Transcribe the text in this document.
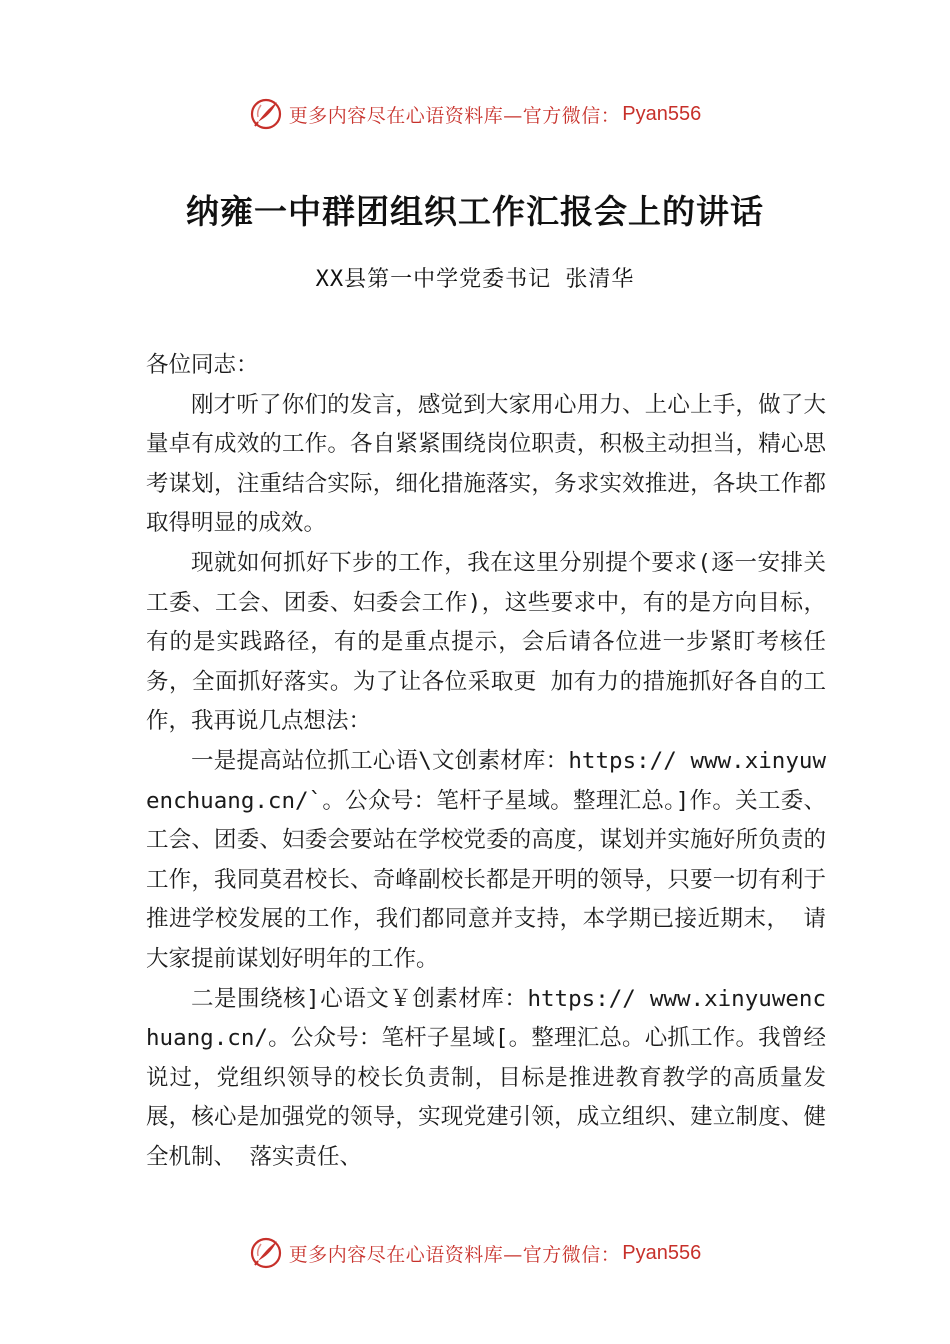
更多内容尽在心语资料库—官方微信： Pyan556
纳雍一中群团组织工作汇报会上的讲话
XX县第一中学党委书记 张清华

各位同志：

刚才听了你们的发言，感觉到大家用心用力、上心上手，做了大量卓有成效的工作。各自紧紧围绕岗位职责，积极主动担当，精心思考谋划，注重结合实际，细化措施落实，务求实效推进，各块工作都取得明显的成效。

现就如何抓好下步的工作，我在这里分别提个要求(逐一安排关工委、工会、团委、妇委会工作)，这些要求中，有的是方向目标，有的是实践路径，有的是重点提示，会后请各位进一步紧盯考核任务，全面抓好落实。为了让各位采取更 加有力的措施抓好各自的工作，我再说几点想法：

一是提高站位抓工心语\文创素材库：https:// www.xinyuwenchuang.cn/`。公众号：笔杆子星域。整理汇总。]作。关工委、工会、团委、妇委会要站在学校党委的高度，谋划并实施好所负责的工作，我同莫君校长、奇峰副校长都是开明的领导，只要一切有利于推进学校发展的工作，我们都同意并支持，本学期已接近期末， 请大家提前谋划好明年的工作。

二是围绕核]心语文￥创素材库：https:// www.xinyuwenchuang.cn/。公众号：笔杆子星域[。整理汇总。心抓工作。我曾经说过，党组织领导的校长负责制，目标是推进教育教学的高质量发展，核心是加强党的领导，实现党建引领，成立组织、建立制度、健全机制、 落实责任、

更多内容尽在心语资料库—官方微信： Pyan556
